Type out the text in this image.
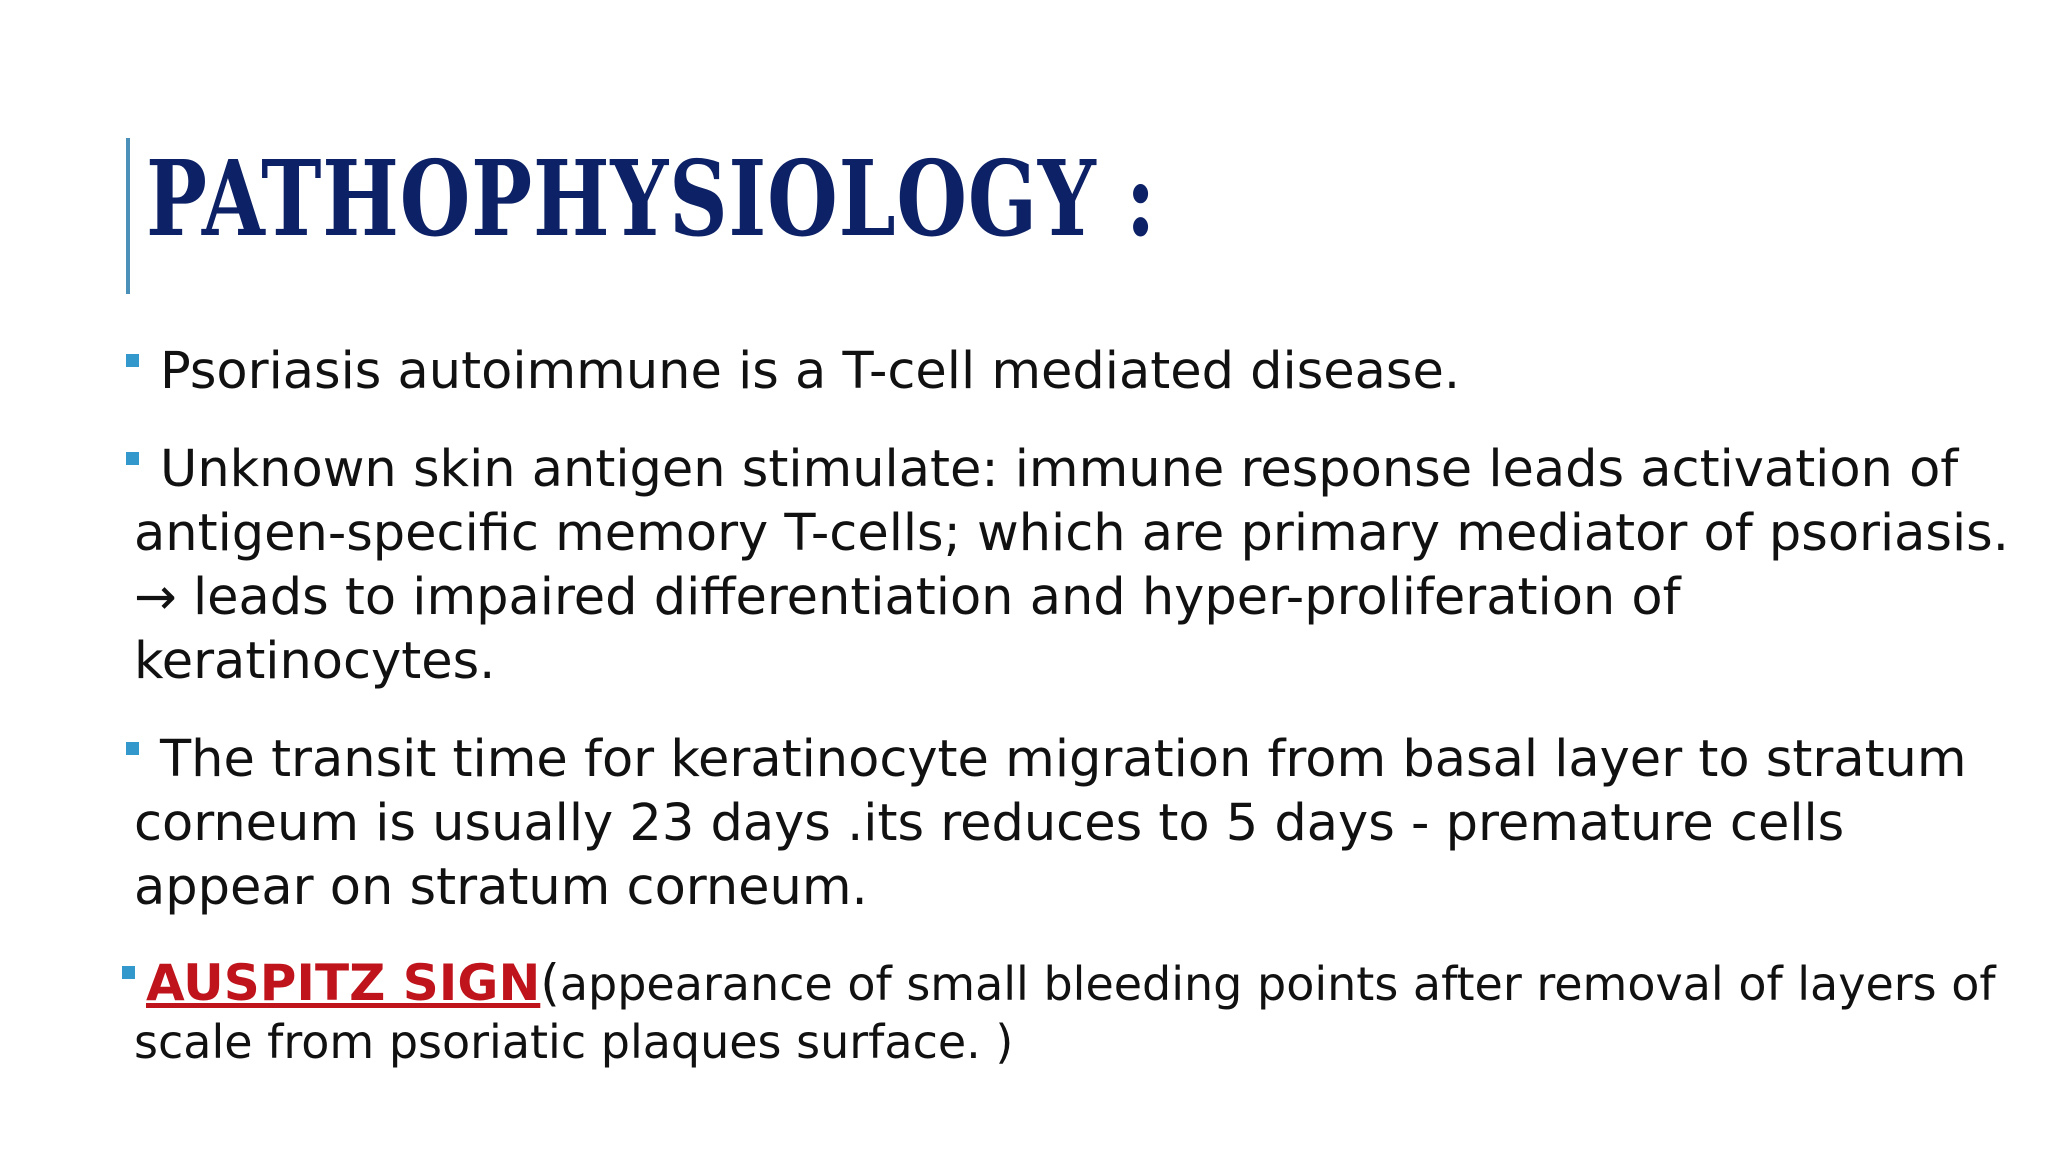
PATHOPHYSIOLOGY :
Psoriasis autoimmune is a T-cell mediated disease.
Unknown skin antigen stimulate: immune response leads activation of antigen-specific memory T-cells; which are primary mediator of psoriasis. → leads to impaired differentiation and hyper-proliferation of keratinocytes.
The transit time for keratinocyte migration from basal layer to stratum corneum is usually 23 days .its reduces to 5 days - premature cells appear on stratum corneum.
AUSPITZ SIGN(appearance of small bleeding points after removal of layers of scale from psoriatic plaques surface. )
